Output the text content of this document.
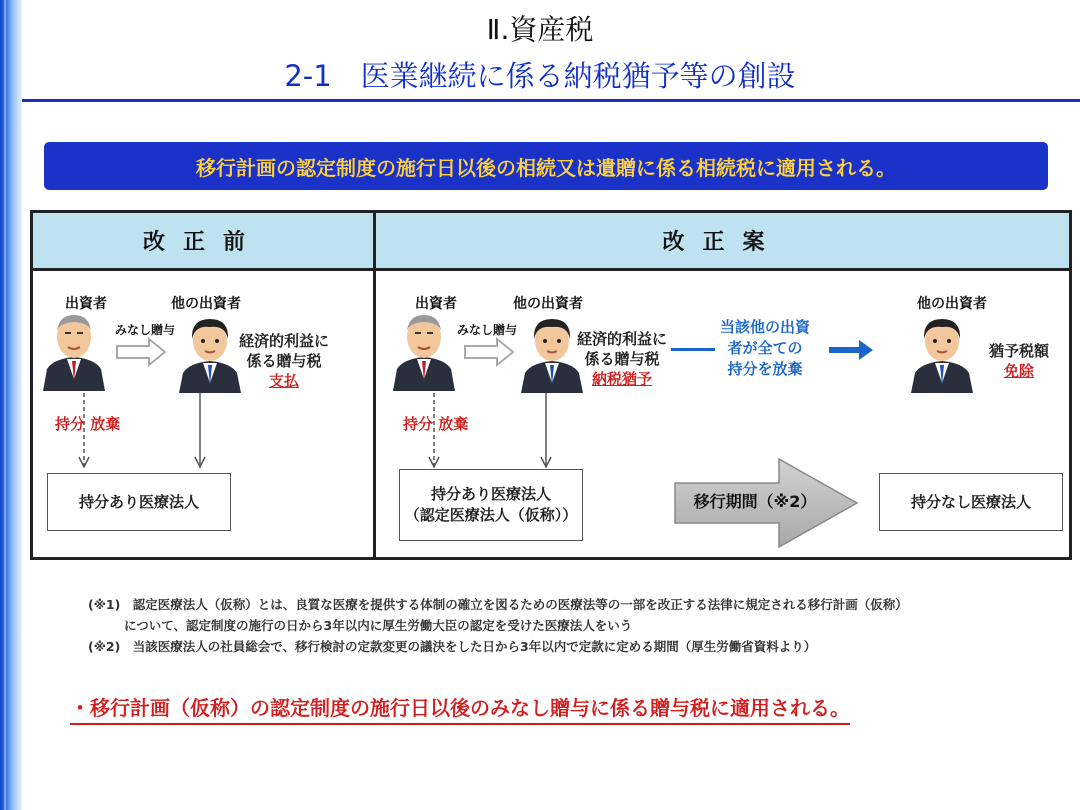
Ⅱ.資産税
2-1　医業継続に係る納税猶予等の創設
移行計画の認定制度の施行日以後の相続又は遺贈に係る相続税に適用される。
改正前	改正案
出資者	他の出資者
みなし贈与
経済的利益に
係る贈与税
支払
持分 放棄
持分あり医療法人
出資者	他の出資者
みなし贈与	経済的利益に
係る贈与税
納税猶予
当該他の出資
者が全ての
持分を放棄
他の出資者
猶予税額
免除
持分 放棄
持分あり医療法人
（認定医療法人（仮称））
移行期間（※2）	持分なし医療法人
(※1)　認定医療法人（仮称）とは、良質な医療を提供する体制の確立を図るための医療法等の一部を改正する法律に規定される移行計画（仮称）
について、認定制度の施行の日から3年以内に厚生労働大臣の認定を受けた医療法人をいう
(※2)　当該医療法人の社員総会で、移行検討の定款変更の議決をした日から3年以内で定款に定める期間（厚生労働省資料より）
・移行計画（仮称）の認定制度の施行日以後のみなし贈与に係る贈与税に適用される。
